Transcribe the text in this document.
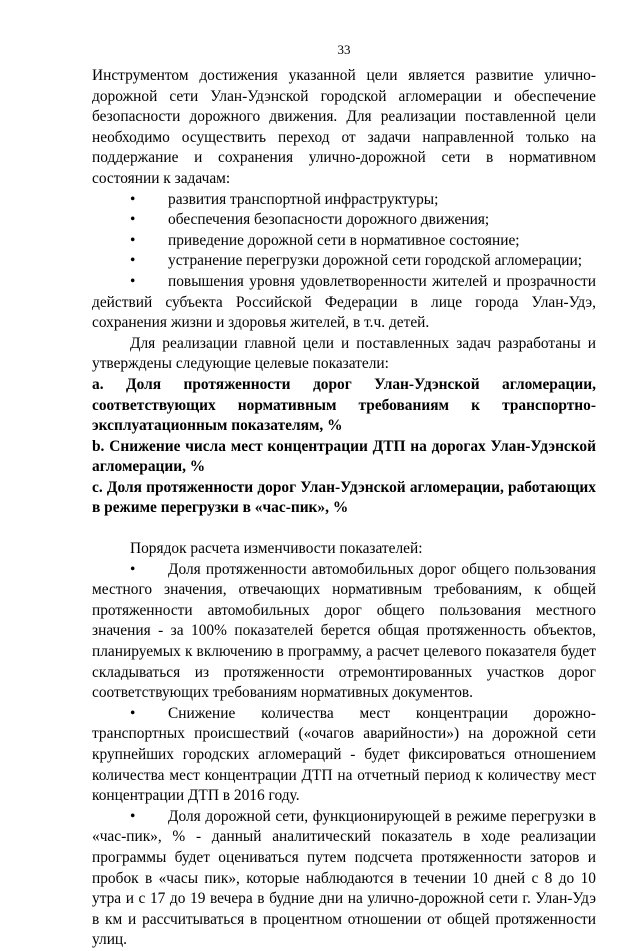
33

Инструментом достижения указанной цели является развитие улично-дорожной сети Улан-Удэнской городской агломерации и обеспечение безопасности дорожного движения. Для реализации поставленной цели необходимо осуществить переход от задачи направленной только на поддержание и сохранения улично-дорожной сети в нормативном состоянии к задачам:

• развития транспортной инфраструктуры;

• обеспечения безопасности дорожного движения;

• приведение дорожной сети в нормативное состояние;

• устранение перегрузки дорожной сети городской агломерации;

• повышения уровня удовлетворенности жителей и прозрачности действий субъекта Российской Федерации в лице города Улан-Удэ, сохранения жизни и здоровья жителей, в т.ч. детей.

Для реализации главной цели и поставленных задач разработаны и утверждены следующие целевые показатели:

a. Доля протяженности дорог Улан-Удэнской агломерации, соответствующих нормативным требованиям к транспортно-эксплуатационным показателям, %

b. Снижение числа мест концентрации ДТП на дорогах Улан-Удэнской агломерации, %

c. Доля протяженности дорог Улан-Удэнской агломерации, работающих в режиме перегрузки в «час-пик», %

Порядок расчета изменчивости показателей:

• Доля протяженности автомобильных дорог общего пользования местного значения, отвечающих нормативным требованиям, к общей протяженности автомобильных дорог общего пользования местного значения - за 100% показателей берется общая протяженность объектов, планируемых к включению в программу, а расчет целевого показателя будет складываться из протяженности отремонтированных участков дорог соответствующих требованиям нормативных документов.

• Снижение количества мест концентрации дорожно-транспортных происшествий («очагов аварийности») на дорожной сети крупнейших городских агломераций - будет фиксироваться отношением количества мест концентрации ДТП на отчетный период к количеству мест концентрации ДТП в 2016 году.

• Доля дорожной сети, функционирующей в режиме перегрузки в «час-пик», % - данный аналитический показатель в ходе реализации программы будет оцениваться путем подсчета протяженности заторов и пробок в «часы пик», которые наблюдаются в течении 10 дней с 8 до 10 утра и с 17 до 19 вечера в будние дни на улично-дорожной сети г. Улан-Удэ в км и рассчитываться в процентном отношении от общей протяженности улиц.
